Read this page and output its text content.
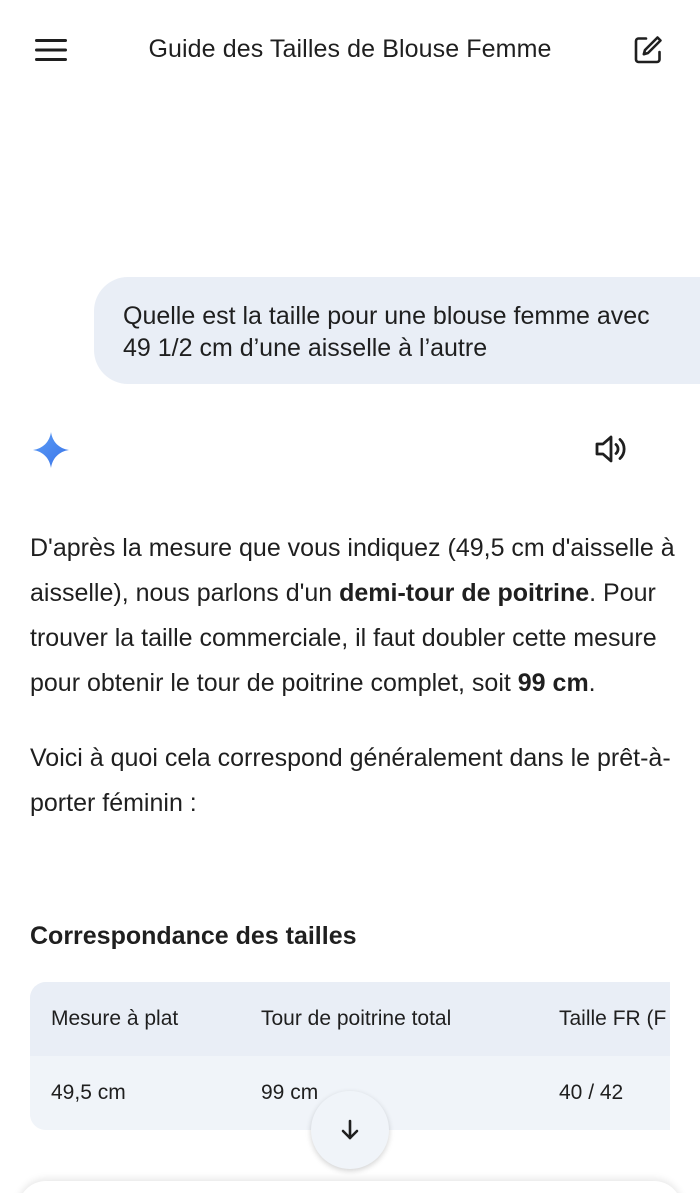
Guide des Tailles de Blouse Femme
Quelle est la taille pour une blouse femme avec 49 1/2 cm d’une aisselle à l’autre

D'après la mesure que vous indiquez (49,5 cm d'aisselle à aisselle), nous parlons d'un demi-tour de poitrine. Pour trouver la taille commerciale, il faut doubler cette mesure pour obtenir le tour de poitrine complet, soit 99 cm.

Voici à quoi cela correspond généralement dans le prêt-à-porter féminin :

Correspondance des tailles
Mesure à plat	Tour de poitrine total	Taille FR (F
49,5 cm	99 cm	40 / 42
